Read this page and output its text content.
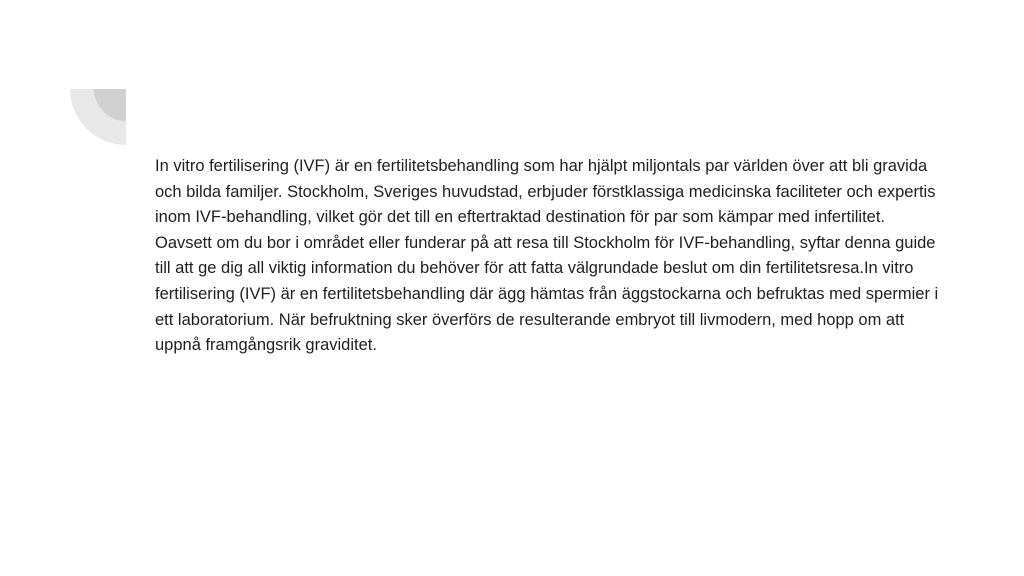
In vitro fertilisering (IVF) är en fertilitetsbehandling som har hjälpt miljontals par världen över att bli gravida och bilda familjer. Stockholm, Sveriges huvudstad, erbjuder förstklassiga medicinska faciliteter och expertis inom IVF-behandling, vilket gör det till en eftertraktad destination för par som kämpar med infertilitet. Oavsett om du bor i området eller funderar på att resa till Stockholm för IVF-behandling, syftar denna guide till att ge dig all viktig information du behöver för att fatta välgrundade beslut om din fertilitetsresa.In vitro fertilisering (IVF) är en fertilitetsbehandling där ägg hämtas från äggstockarna och befruktas med spermier i ett laboratorium. När befruktning sker överförs de resulterande embryot till livmodern, med hopp om att uppnå framgångsrik graviditet.
